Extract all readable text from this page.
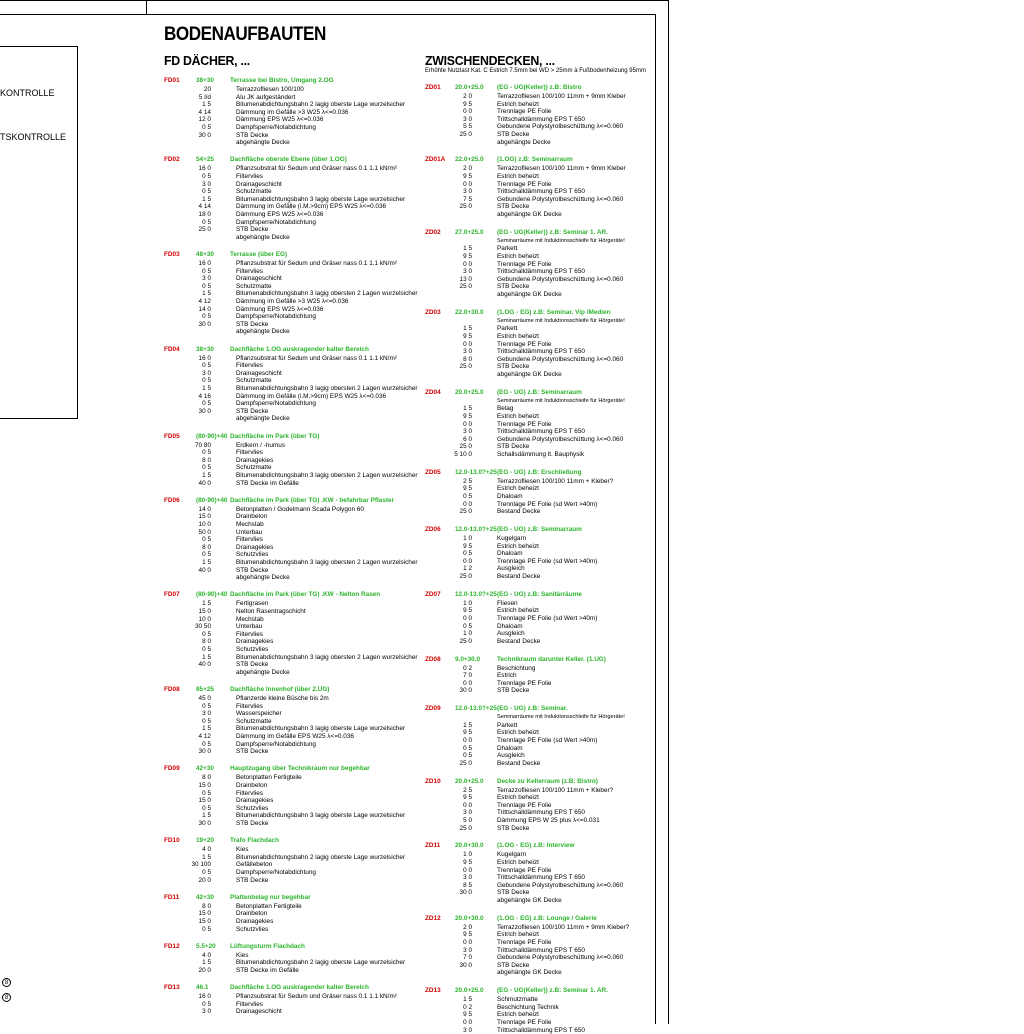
KONTROLLE
TSKONTROLLE
8
8
BODENAUFBAUTEN
FD DÄCHER, ...	ZWISCHENDECKEN, ...
Erhöhte Nutzlast Kat. C Estrich 7.5mm bei WD > 25mm à Fußbodenheizung 95mm
FD01	38+30	Terrasse bei Bistro, Umgang 2.OG
20	Terrazzofliesen 100/100
5 l/d	Alu JK aufgeständert
1 5	Bitumenabdichtungsbahn 2 lagig oberste Lage wurzelsicher
4 14	Dämmung im Gefälle >3 W25 λ<=0.036
12 0	Dämmung EPS W25 λ<=0.036
0 5	Dampfsperre/Notabdichtung
30 0	STB Decke
abgehängte Decke
FD02	54+25	Dachfläche oberste Ebene (über 1.OG)
16 0	Pflanzsubstrat für Sedum und Gräser nass 0.1 1.1 kN/m²
0 5	Filtervlies
3 0	Drainageschicht
0 5	Schutzmatte
1 5	Bitumenabdichtungsbahn 3 lagig oberste Lage wurzelsicher
4 14	Dämmung im Gefälle (i.M.>9cm) EPS W25 λ<=0.036
18 0	Dämmung EPS W25 λ<=0.036
0 5	Dampfsperre/Notabdichtung
25 0	STB Decke
abgehängte Decke
FD03	48+30	Terrasse (über EG)
16 0	Pflanzsubstrat für Sedum und Gräser nass 0.1 1.1 kN/m²
0 5	Filtervlies
3 0	Drainageschicht
0 5	Schutzmatte
1 5	Bitumenabdichtungsbahn 3 lagig obersten 2 Lagen wurzelsicher
4 12	Dämmung im Gefälle >3 W25 λ<=0.036
14 0	Dämmung EPS W25 λ<=0.036
0 5	Dampfsperre/Notabdichtung
30 0	STB Decke
abgehängte Decke
FD04	38+30	Dachfläche 1.OG auskragender kalter Bereich
16 0	Pflanzsubstrat für Sedum und Gräser nass 0.1 1.1 kN/m²
0 5	Filtervlies
3 0	Drainageschicht
0 5	Schutzmatte
1 5	Bitumenabdichtungsbahn 3 lagig obersten 2 Lagen wurzelsicher
4 16	Dämmung im Gefälle (i.M.>9cm) EPS W25 λ<=0.036
0 5	Dampfsperre/Notabdichtung
30 0	STB Decke
abgehängte Decke
FD05	(80-90)+40 Dachfläche im Park (über TG)
70 80	Erdkern / -humus
0 5	Filtervlies
8 0	Drainagekies
0 5	Schutzmatte
1 5	Bitumenabdichtungsbahn 3 lagig obersten 2 Lagen wurzelsicher
40 0	STB Decke im Gefälle
FD06	(80-90)+40 Dachfläche im Park (über TG) .KW - befahrbar Pflaster
14 0	Betonplatten / Godelmann Scada Polygon 60
15 0	Drainbeton
10 0	Mechstab
50 0	Unterbau
0 5	Filtervlies
8 0	Drainagekies
0 5	Schutzvlies
1 5	Bitumenabdichtungsbahn 3 lagig obersten 2 Lagen wurzelsicher
40 0	STB Decke
abgehängte Decke
FD07	(80-90)+40 Dachfläche im Park (über TG) .KW - Nelton Rasen
1 5	Fertigrasen
15 0	Nelton Rasentragschicht
10 0	Mechstab
30 50	Unterbau
0 5	Filtervlies
8 0	Drainagekies
0 5	Schutzvlies
1 5	Bitumenabdichtungsbahn 3 lagig obersten 2 Lagen wurzelsicher
40 0	STB Decke
abgehängte Decke
FD08	85+25	Dachfläche Innenhof (über 2.UG)
45 0	Pflanzerde kleine Büsche bis 2m
0 5	Filtervlies
3 0	Wasserspeicher
0 5	Schutzmatte
1 5	Bitumenabdichtungsbahn 3 lagig oberste Lage wurzelsicher
4 12	Dämmung im Gefälle EPS W25 λ<=0.036
0 5	Dampfsperre/Notabdichtung
30 0	STB Decke
FD09	42+30	Hauptzugang über Technikraum nur begehbar
8 0	Betonplatten Fertigteile
15 0	Drainbeton
0 5	Filtervlies
15 0	Drainagekies
0 5	Schutzvlies
1 5	Bitumenabdichtungsbahn 3 lagig oberste Lage wurzelsicher
30 0	STB Decke
FD10	19+20	Trafo Flachdach
4 0	Kies
1 5	Bitumenabdichtungsbahn 2 lagig oberste Lage wurzelsicher
30 100	Gefällebeton
0 5	Dampfsperre/Notabdichtung
20 0	STB Decke
FD11	42+30	Plattenbelag nur begehbar
8 0	Betonplatten Fertigteile
15 0	Drainbeton
15 0	Drainagekies
0 5	Schutzvlies
FD12	5.5+20 Lüftungsturm Flachdach
4 0	Kies
1 5	Bitumenabdichtungsbahn 2 lagig oberste Lage wurzelsicher
20 0	STB Decke im Gefälle
FD13	46.1	Dachfläche 1.OG auskragender kalter Bereich
16 0	Pflanzsubstrat für Sedum und Gräser nass 0.1 1.1 kN/m²
0 5	Filtervlies
3 0	Drainageschicht
ZD01 20.0+25.0 (EG - UG(Keller)) z.B: Bistro
2 0	Terrazzofliesen 100/100 11mm + 9mm Kleber
9 5	Estrich beheizt
0 0	Trennlage PE Folie
3 0	Trittschalldämmung EPS T 650
5 5	Gebundene Polystyrolbeschüttung λ<=0.060
25 0	STB Decke
abgehängte Decke
ZD01A 22.0+25.0 (1.OG) z.B: Seminarraum
2 0	Terrazzofliesen 100/100 11mm + 9mm Kleber
9 5	Estrich beheizt
0 0	Trennlage PE Folie
3 0	Trittschalldämmung EPS T 650
7 5	Gebundene Polystyrolbeschüttung λ<=0.060
25 0	STB Decke
abgehängte GK Decke
ZD02 27.0+25.0 (EG - UG(Keller)) z.B: Seminar 1. AR.
Seminarräume mit Induktionsschleife für Hörgeräte!
1 5	Parkett
9 5	Estrich beheizt
0 0	Trennlage PE Folie
3 0	Trittschalldämmung EPS T 650
13 0	Gebundene Polystyrolbeschüttung λ<=0.060
25 0	STB Decke
abgehängte GK Decke
ZD03 22.0+30.0 (1.OG - EG) z.B: Seminar. Vip /Medien
Seminarräume mit Induktionsschleife für Hörgeräte!
1 5	Parkett
9 5	Estrich beheizt
0 0	Trennlage PE Folie
3 0	Trittschalldämmung EPS T 650
8 0	Gebundene Polystyrolbeschüttung λ<=0.060
25 0	STB Decke
abgehängte GK Decke
ZD04 20.0+25.0 (EG - UG) z.B: Seminarraum
Seminarräume mit Induktionsschleife für Hörgeräte!
1 5	Belag
9 5	Estrich beheizt
0 0	Trennlage PE Folie
3 0	Trittschalldämmung EPS T 650
6 0	Gebundene Polystyrolbeschüttung λ<=0.060
25 0	STB Decke
5 10 0	Schallsdämmung lt. Bauphysik
ZD05 12.0-13.0?+25 (EG - UG) z.B: Erschließung
2 5	Terrazzofliesen 100/100 11mm + Kleber?
9 5	Estrich beheizt
0 5	Dhaloam
0 0	Trennlage PE Folie (sd Wert >40m)
25 0	Bestand Decke
ZD06 12.0-13.0?+25 (EG - UG) z.B: Seminarraum
1 0	Kugelgarn
9 5	Estrich beheizt
0 5	Dhaloam
0 0	Trennlage PE Folie (sd Wert >40m)
1 2	Ausgleich
25 0	Bestand Decke
ZD07 12.0-13.0?+25 (EG - UG) z.B: Sanitärräume
1 0	Fliesen
9 5	Estrich beheizt
0 0	Trennlage PE Folie (sd Wert >40m)
0 5	Dhaloam
1 0	Ausgleich
25 0	Bestand Decke
ZD08 9.0+30.0	Technikraum darunter Keller. (1.UG)
0 2	Beschichtung
7 0	Estrich
0 0	Trennlage PE Folie
30 0	STB Decke
ZD09 12.0-13.0?+25 (EG - UG) z.B: Seminar.
Seminarräume mit Induktionsschleife für Hörgeräte!
1 5	Parkett
9 5	Estrich beheizt
0 0	Trennlage PE Folie (sd Wert >40m)
0 5	Dhaloam
0 5	Ausgleich
25 0	Bestand Decke
ZD10 20.0+25.0 Decke zu Kellerraum (z.B: Bistro)
2 5	Terrazzofliesen 100/100 11mm + Kleber?
9 5	Estrich beheizt
0 0	Trennlage PE Folie
3 0	Trittschalldämmung EPS T 650
5 0	Dämmung EPS W 25 plus λ<=0.031
25 0	STB Decke
ZD11 20.0+30.0 (1.OG - EG) z.B: Interview
1 0	Kugelgarn
9 5	Estrich beheizt
0 0	Trennlage PE Folie
3 0	Trittschalldämmung EPS T 650
8 5	Gebundene Polystyrolbeschüttung λ<=0.060
30 0	STB Decke
abgehängte GK Decke
ZD12 20.0+30.0 (1.OG - EG) z.B: Lounge / Galerie
2 0	Terrazzofliesen 100/100 11mm + 9mm Kleber?
9 5	Estrich beheizt
0 0	Trennlage PE Folie
3 0	Trittschalldämmung EPS T 650
7 0	Gebundene Polystyrolbeschüttung λ<=0.060
30 0	STB Decke
abgehängte GK Decke
ZD13 20.0+25.0 (EG - UG(Keller)) z.B: Seminar 1. AR.
1 5	Schmutzmatte
0 2	Beschichtung Technik
9 5	Estrich beheizt
0 0	Trennlage PE Folie
3 0	Trittschalldämmung EPS T 650
